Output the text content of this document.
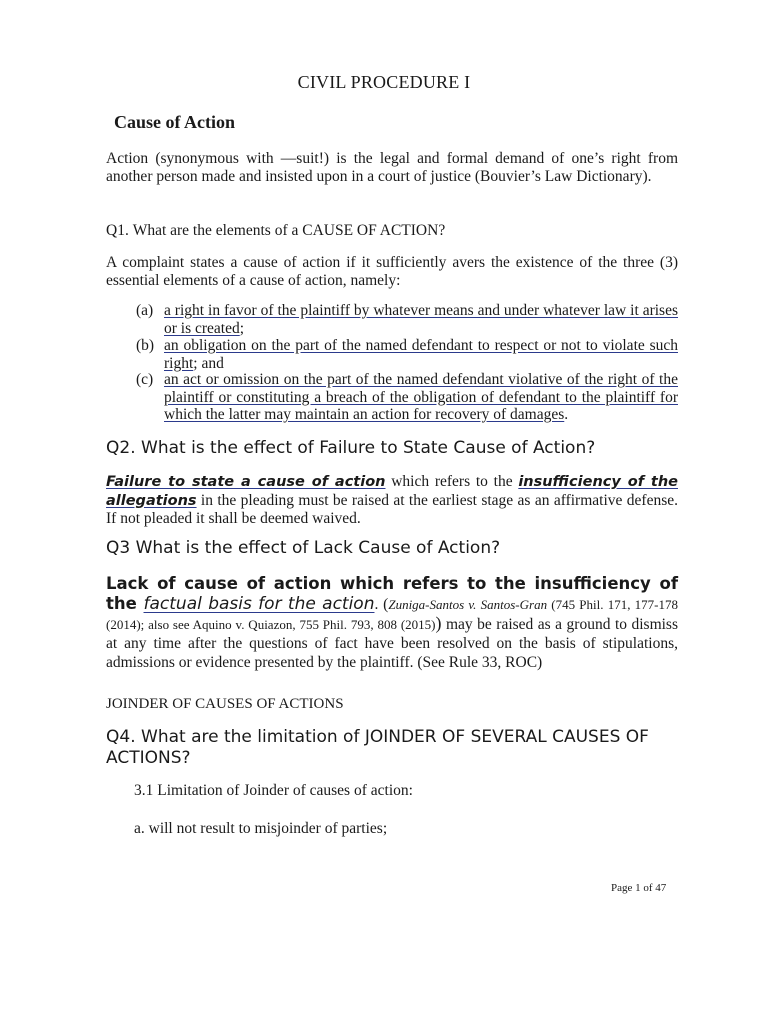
CIVIL PROCEDURE I
Cause of Action
Action (synonymous with —suit!) is the legal and formal demand of one’s right from another person made and insisted upon in a court of justice (Bouvier’s Law Dictionary).
Q1. What are the elements of a CAUSE OF ACTION?
A complaint states a cause of action if it sufficiently avers the existence of the three (3) essential elements of a cause of action, namely:
(a) a right in favor of the plaintiff by whatever means and under whatever law it arises or is created;
(b) an obligation on the part of the named defendant to respect or not to violate such right; and
(c) an act or omission on the part of the named defendant violative of the right of the plaintiff or constituting a breach of the obligation of defendant to the plaintiff for which the latter may maintain an action for recovery of damages.
Q2. What is the effect of Failure to State Cause of Action?
Failure to state a cause of action which refers to the insufficiency of the allegations in the pleading must be raised at the earliest stage as an affirmative defense. If not pleaded it shall be deemed waived.
Q3 What is the effect of Lack Cause of Action?
Lack of cause of action which refers to the insufficiency of the factual basis for the action. (Zuniga-Santos v. Santos-Gran (745 Phil. 171, 177-178 (2014); also see Aquino v. Quiazon, 755 Phil. 793, 808 (2015)) may be raised as a ground to dismiss at any time after the questions of fact have been resolved on the basis of stipulations, admissions or evidence presented by the plaintiff. (See Rule 33, ROC)
JOINDER OF CAUSES OF ACTIONS
Q4. What are the limitation of JOINDER OF SEVERAL CAUSES OF ACTIONS?
3.1 Limitation of Joinder of causes of action:
a. will not result to misjoinder of parties;
Page 1 of 47
